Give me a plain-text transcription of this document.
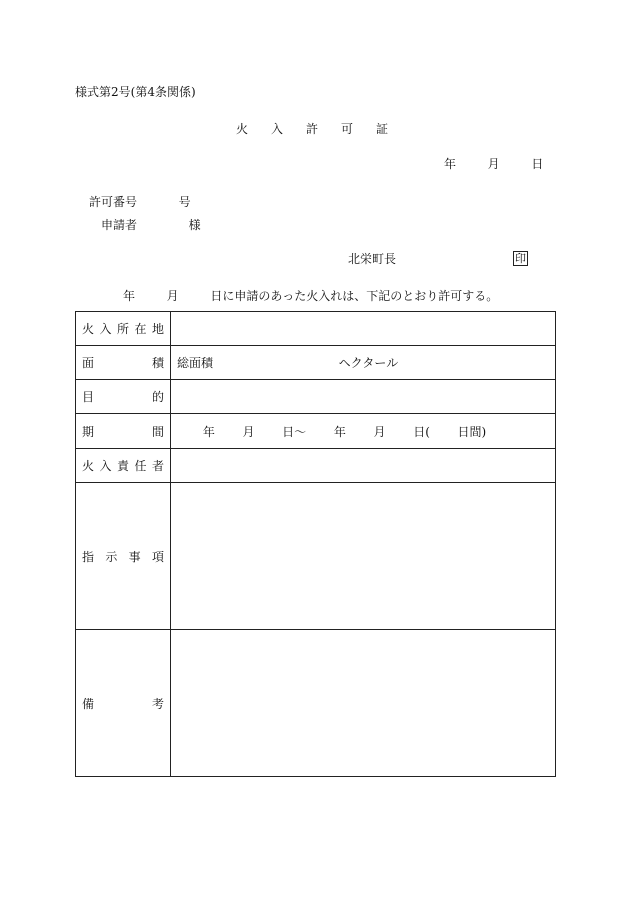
様式第2号(第4条関係)
火 入 許 可 証
年	月	日
許可番号	号
申請者	様
北栄町長	印
年	月	日に申請のあった火入れは、下記のとおり許可する。
火 入 所 在 地	

面 積	総面積 ヘクタール

目 的	

期 間	年 月 日〜 年 月 日( 日間)

火 入 責 任 者	

指 示 事 項	

備 考	
